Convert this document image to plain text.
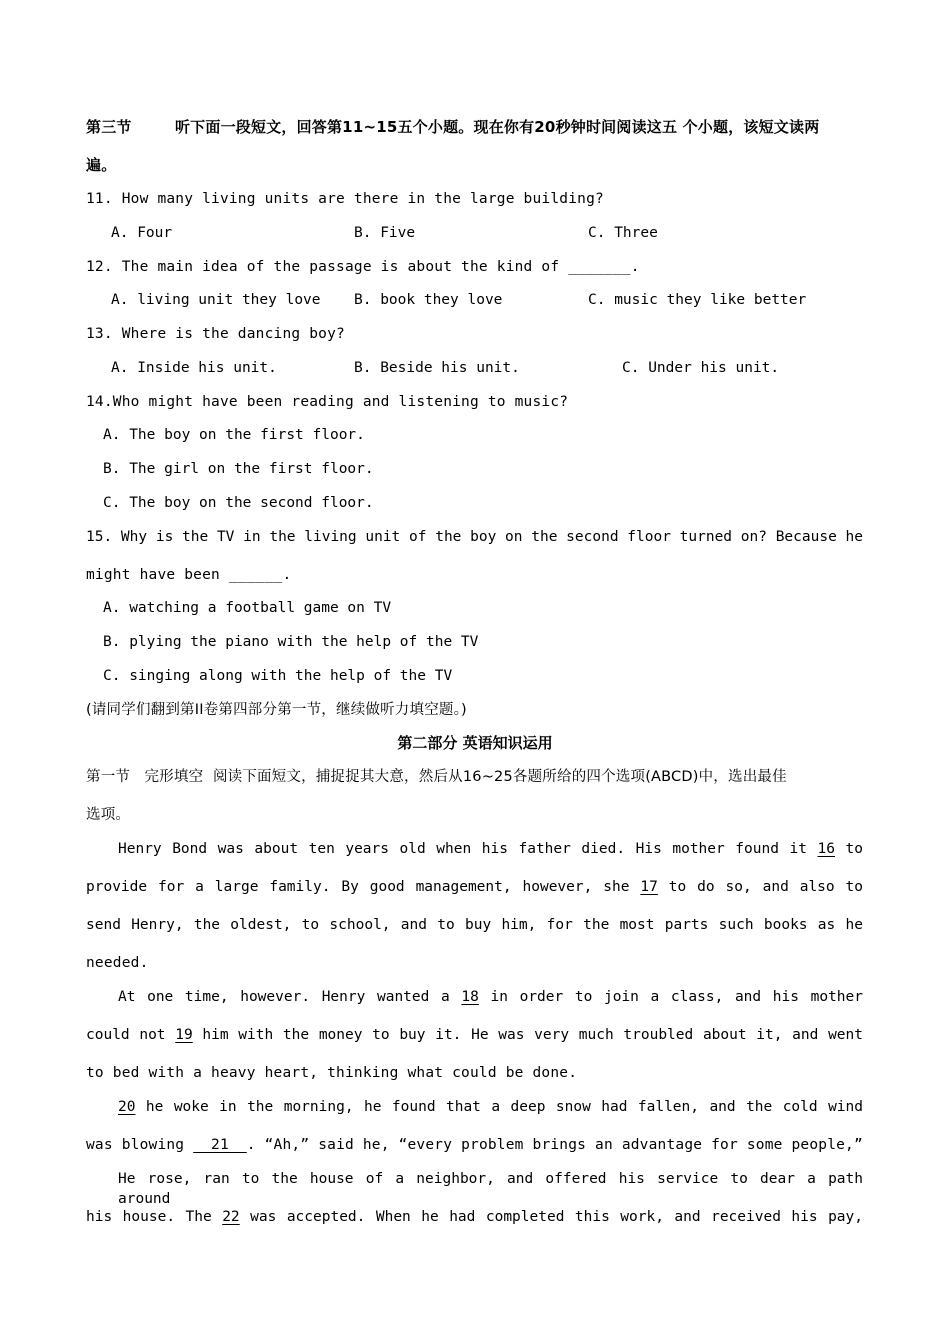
第三节        听下面一段短文，回答第11~15五个小题。现在你有20秒钟时间阅读这五 个小题，该短文读两
遍。
11. How many living units are there in the large building?
A. Four	B. Five	C. Three
12. The main idea of the passage is about the kind of _______.
A. living unit they love B. book they love	C. music they like better
13. Where is the dancing boy?
A. Inside his unit.	B. Beside his unit.	C. Under his unit.
14.Who might have been reading and listening to music?
A. The boy on the first floor.
B. The girl on the first floor.
C. The boy on the second floor.
15. Why is the TV in the living unit of the boy on the second floor turned on? Because he
might have been ______.
A. watching a football game on TV
B. plying the piano with the help of the TV
C. singing along with the help of the TV
(请同学们翻到第II卷第四部分第一节，继续做听力填空题。)
第二部分 英语知识运用
第一节   完形填空  阅读下面短文，捕捉捉其大意，然后从16~25各题所给的四个选项(ABCD)中，选出最佳
选项。
Henry Bond was about ten years old when his father died. His mother found it 16 to
provide for a large family. By good management, however, she 17 to do so, and also to
send Henry, the oldest, to school, and to buy him, for the most parts such books as he
needed.
At one time, however. Henry wanted a 18 in order to join a class, and his mother
could not 19 him with the money to buy it. He was very much troubled about it, and went
to bed with a heavy heart, thinking what could be done.
20 he woke in the morning, he found that a deep snow had fallen, and the cold wind
was blowing   21  . “Ah,” said he, “every problem brings an advantage for some people,”
He rose, ran to the house of a neighbor, and offered his service to dear a path around
his house. The 22 was accepted. When he had completed this work, and received his pay,
